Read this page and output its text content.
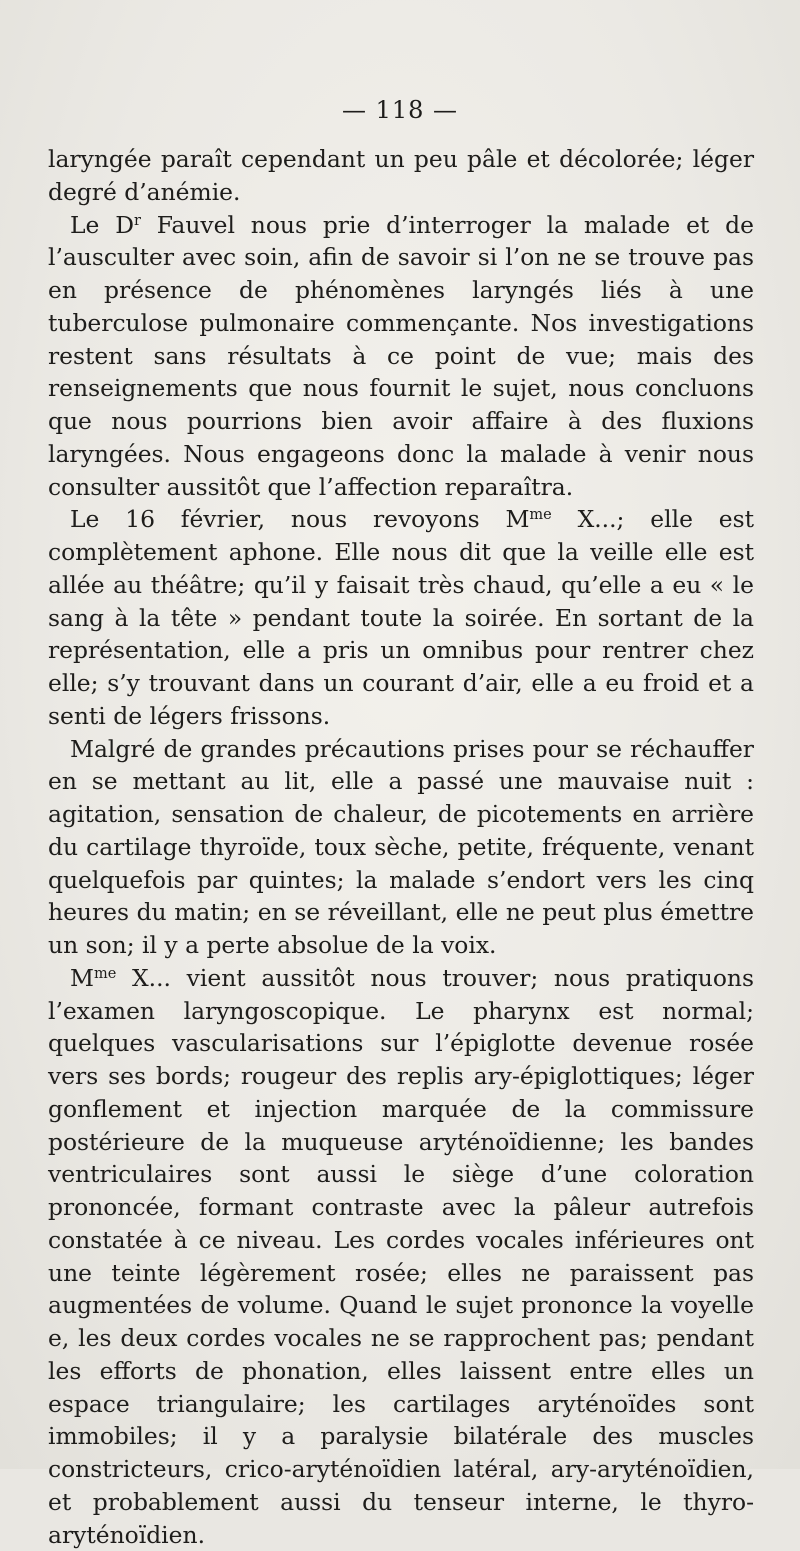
— 118 —

laryngée paraît cependant un peu pâle et décolorée; léger degré d’anémie.

Le $D^r$ Fauvel nous prie d’interroger la malade et de l’ausculter avec soin, afin de savoir si l’on ne se trouve pas en présence de phénomènes laryngés liés à une tuberculose pulmonaire commençante. Nos investigations restent sans résultats à ce point de vue; mais des renseignements que nous fournit le sujet, nous concluons que nous pourrions bien avoir affaire à des fluxions laryngées. Nous engageons donc la malade à venir nous consulter aussitôt que l’affection reparaîtra.

Le 16 février, nous revoyons $M^{me}$ X...; elle est complètement aphone. Elle nous dit que la veille elle est allée au théâtre; qu’il y faisait très chaud, qu’elle a eu « le sang à la tête » pendant toute la soirée. En sortant de la représentation, elle a pris un omnibus pour rentrer chez elle; s’y trouvant dans un courant d’air, elle a eu froid et a senti de légers frissons.

Malgré de grandes précautions prises pour se réchauffer en se mettant au lit, elle a passé une mauvaise nuit : agitation, sensation de chaleur, de picotements en arrière du cartilage thyroïde, toux sèche, petite, fréquente, venant quelquefois par quintes; la malade s’endort vers les cinq heures du matin; en se réveillant, elle ne peut plus émettre un son; il y a perte absolue de la voix.

$M^{me}$ X... vient aussitôt nous trouver; nous pratiquons l’examen laryngoscopique. Le pharynx est normal; quelques vascularisations sur l’épiglotte devenue rosée vers ses bords; rougeur des replis ary-épiglottiques; léger gonflement et injection marquée de la commissure postérieure de la muqueuse aryténoïdienne; les bandes ventriculaires sont aussi le siège d’une coloration prononcée, formant contraste avec la pâleur autrefois constatée à ce niveau. Les cordes vocales inférieures ont une teinte légèrement rosée; elles ne paraissent pas augmentées de volume. Quand le sujet prononce la voyelle e, les deux cordes vocales ne se rapprochent pas; pendant les efforts de phonation, elles laissent entre elles un espace triangulaire; les cartilages aryténoïdes sont immobiles; il y a paralysie bilatérale des muscles constricteurs, crico-aryténoïdien latéral, ary-aryténoïdien, et probablement aussi du tenseur interne, le thyro-aryténoïdien.
